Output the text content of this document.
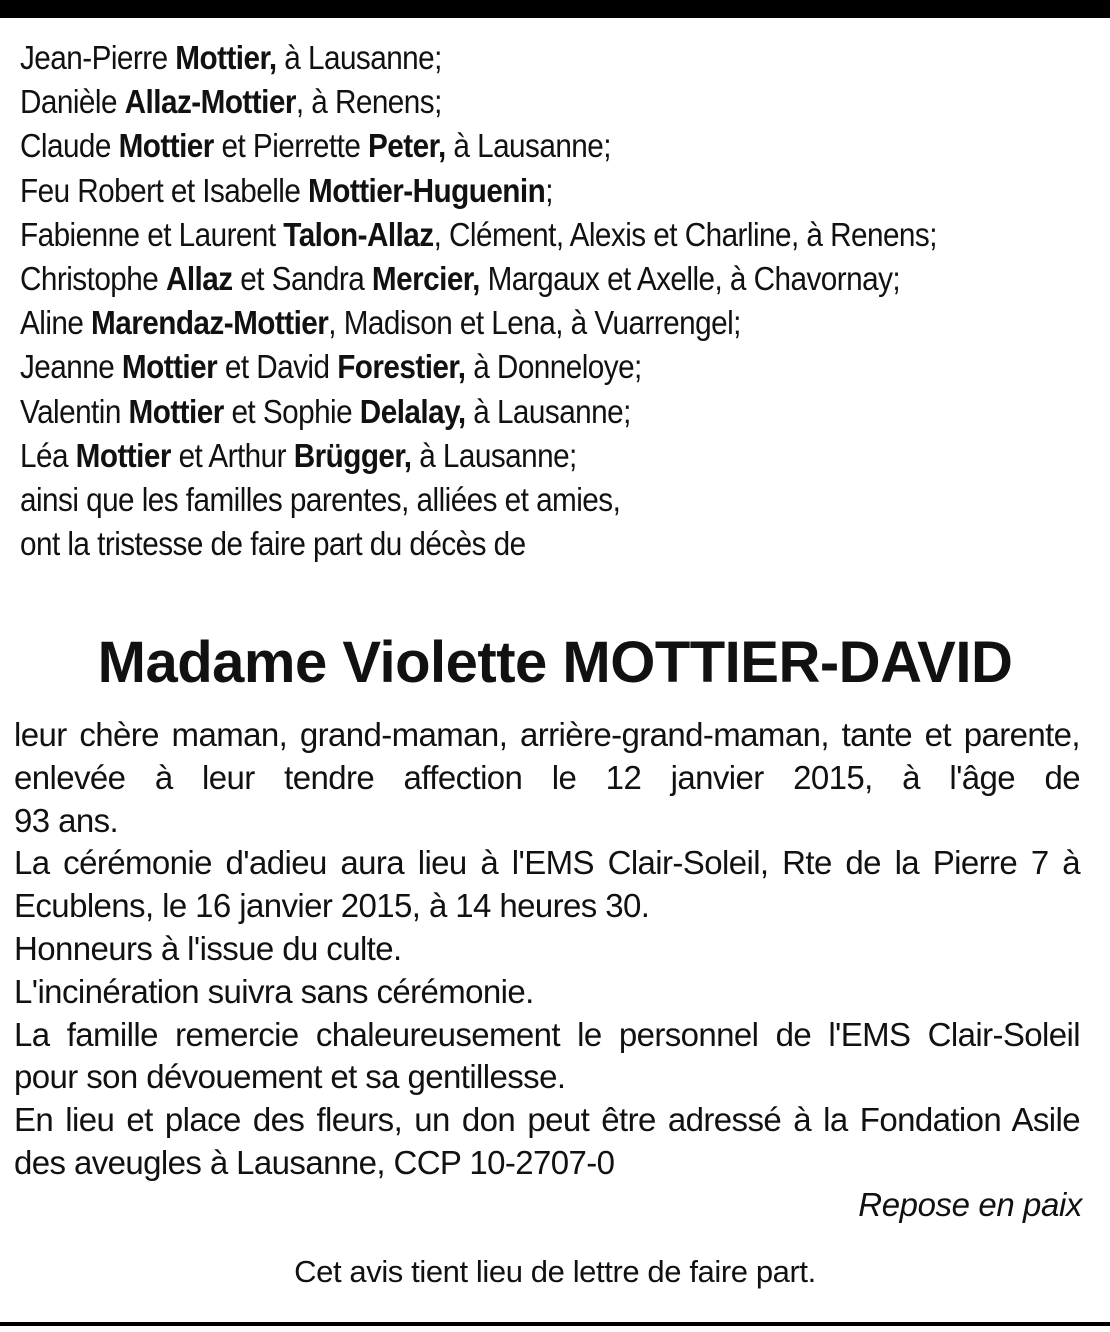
Jean-Pierre Mottier, à Lausanne;
Danièle Allaz-Mottier, à Renens;
Claude Mottier et Pierrette Peter, à Lausanne;
Feu Robert et Isabelle Mottier-Huguenin;
Fabienne et Laurent Talon-Allaz, Clément, Alexis et Charline, à Renens;
Christophe Allaz et Sandra Mercier, Margaux et Axelle, à Chavornay;
Aline Marendaz-Mottier, Madison et Lena, à Vuarrengel;
Jeanne Mottier et David Forestier, à Donneloye;
Valentin Mottier et Sophie Delalay, à Lausanne;
Léa Mottier et Arthur Brügger, à Lausanne;
ainsi que les familles parentes, alliées et amies,
ont la tristesse de faire part du décès de
Madame Violette MOTTIER-DAVID
leur chère maman, grand-maman, arrière-grand-maman, tante et parente, enlevée à leur tendre affection le 12 janvier 2015, à l'âge de
93 ans.
La cérémonie d'adieu aura lieu à l'EMS Clair-Soleil, Rte de la Pierre 7 à
Ecublens, le 16 janvier 2015, à 14 heures 30.
Honneurs à l'issue du culte.
L'incinération suivra sans cérémonie.
La famille remercie chaleureusement le personnel de l'EMS Clair-Soleil
pour son dévouement et sa gentillesse.
En lieu et place des fleurs, un don peut être adressé à la Fondation Asile
des aveugles à Lausanne, CCP 10-2707-0
Repose en paix
Cet avis tient lieu de lettre de faire part.
